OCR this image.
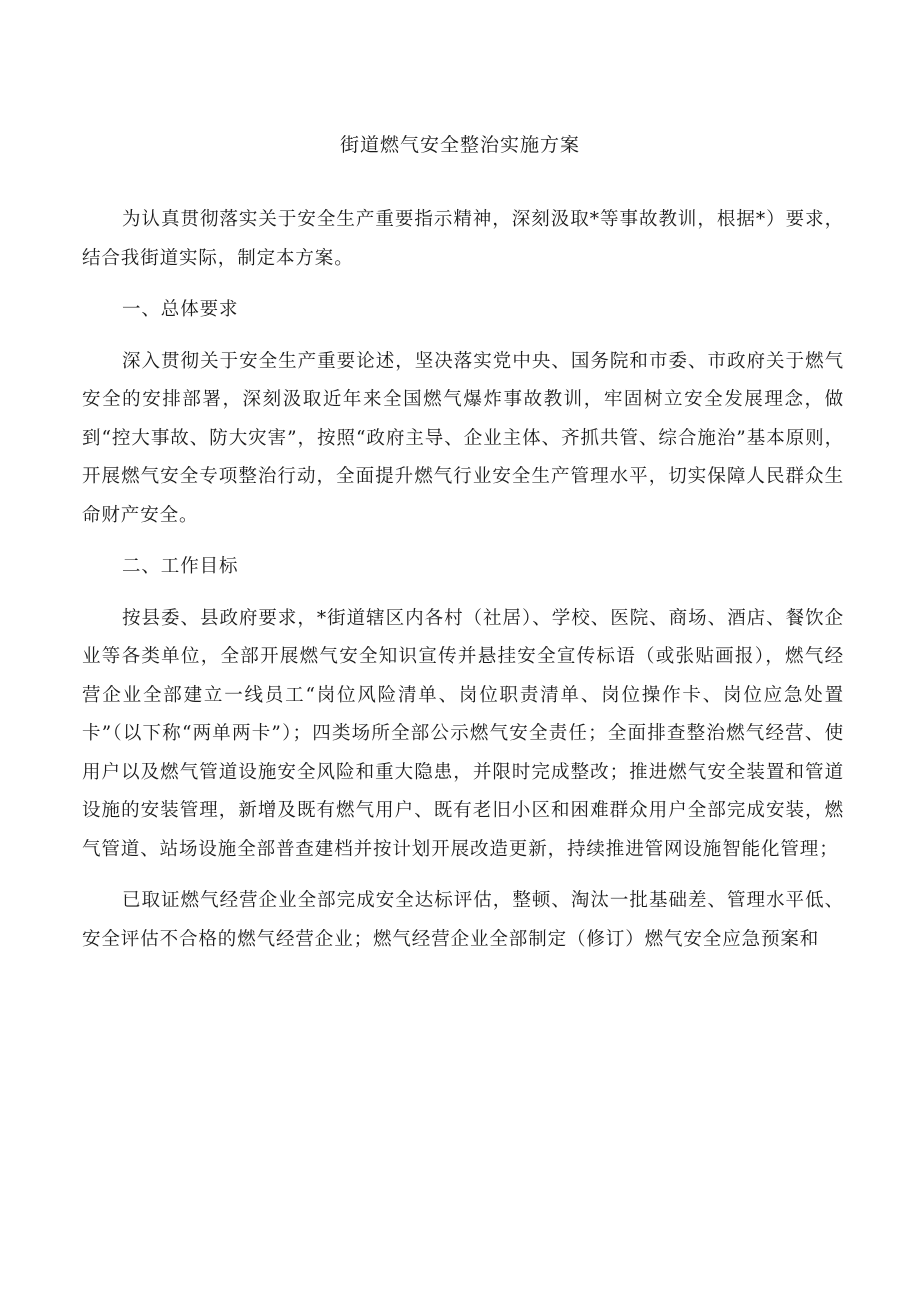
街道燃气安全整治实施方案

为认真贯彻落实关于安全生产重要指示精神，深刻汲取*等事故教训，根据*）要求，结合我街道实际，制定本方案。

一、总体要求

深入贯彻关于安全生产重要论述，坚决落实党中央、国务院和市委、市政府关于燃气安全的安排部署，深刻汲取近年来全国燃气爆炸事故教训，牢固树立安全发展理念，做到“控大事故、防大灾害”，按照“政府主导、企业主体、齐抓共管、综合施治”基本原则，开展燃气安全专项整治行动，全面提升燃气行业安全生产管理水平，切实保障人民群众生命财产安全。

二、工作目标

按县委、县政府要求，*街道辖区内各村（社居）、学校、医院、商场、酒店、餐饮企业等各类单位，全部开展燃气安全知识宣传并悬挂安全宣传标语（或张贴画报），燃气经营企业全部建立一线员工“岗位风险清单、岗位职责清单、岗位操作卡、岗位应急处置卡”（以下称“两单两卡”）；四类场所全部公示燃气安全责任；全面排查整治燃气经营、使用户以及燃气管道设施安全风险和重大隐患，并限时完成整改；推进燃气安全装置和管道设施的安装管理，新增及既有燃气用户、既有老旧小区和困难群众用户全部完成安装，燃气管道、站场设施全部普查建档并按计划开展改造更新，持续推进管网设施智能化管理；

已取证燃气经营企业全部完成安全达标评估，整顿、淘汰一批基础差、管理水平低、安全评估不合格的燃气经营企业；燃气经营企业全部制定（修订）燃气安全应急预案和
